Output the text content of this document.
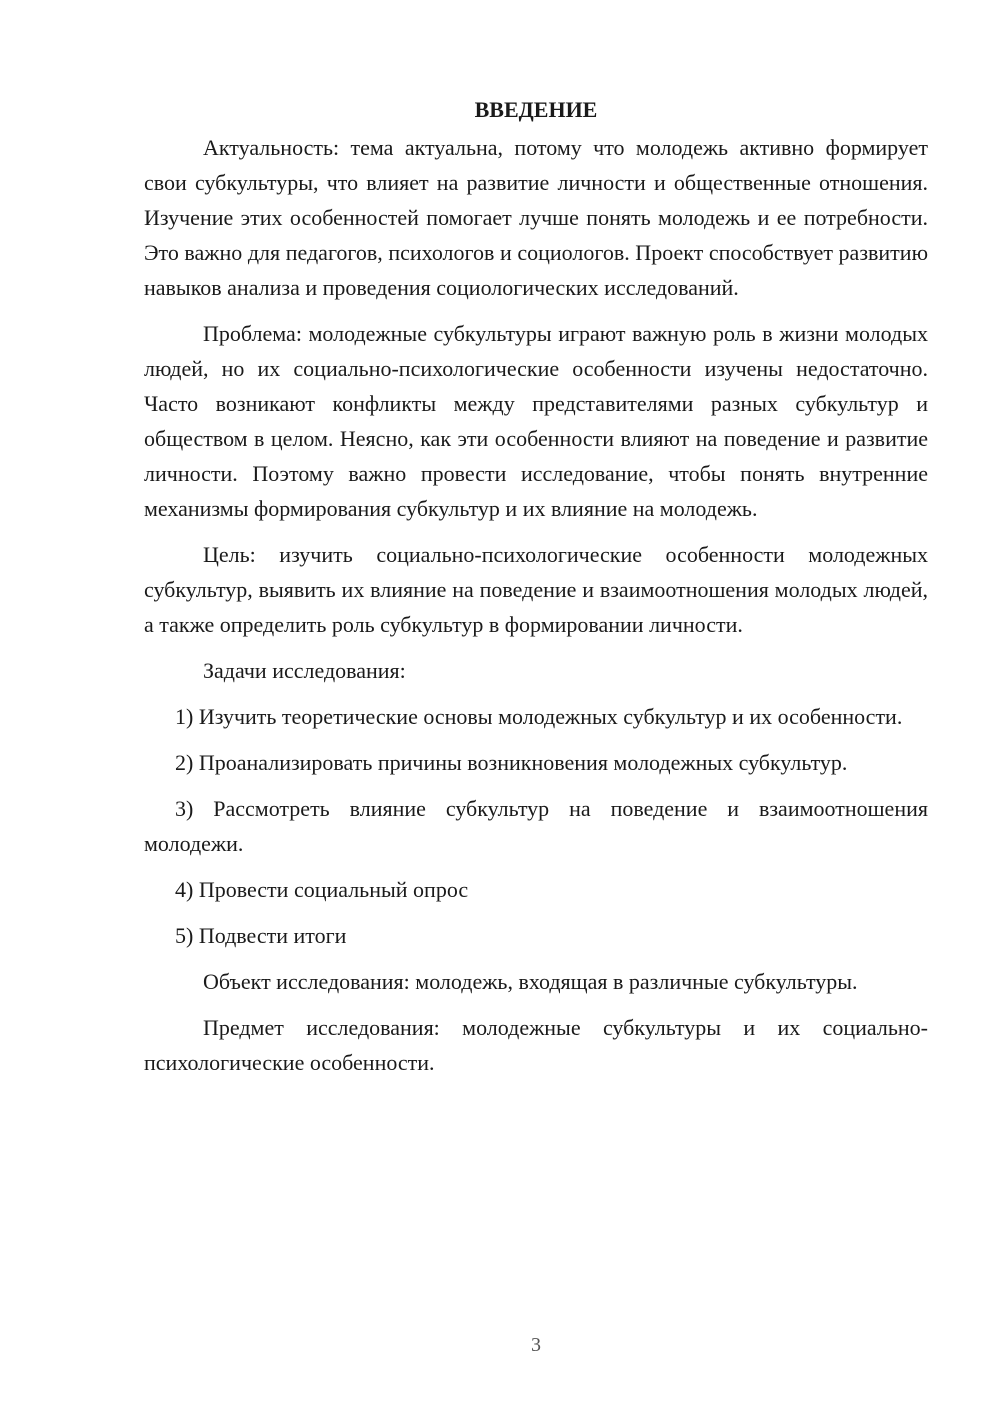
ВВЕДЕНИЕ

Актуальность: тема актуальна, потому что молодежь активно формирует свои субкультуры, что влияет на развитие личности и общественные отношения. Изучение этих особенностей помогает лучше понять молодежь и ее потребности. Это важно для педагогов, психологов и социологов. Проект способствует развитию навыков анализа и проведения социологических исследований.

Проблема: молодежные субкультуры играют важную роль в жизни молодых людей, но их социально-психологические особенности изучены недостаточно. Часто возникают конфликты между представителями разных субкультур и обществом в целом. Неясно, как эти особенности влияют на поведение и развитие личности. Поэтому важно провести исследование, чтобы понять внутренние механизмы формирования субкультур и их влияние на молодежь.

Цель: изучить социально-психологические особенности молодежных субкультур, выявить их влияние на поведение и взаимоотношения молодых людей, а также определить роль субкультур в формировании личности.

Задачи исследования:

1) Изучить теоретические основы молодежных субкультур и их особенности.

2) Проанализировать причины возникновения молодежных субкультур.

3) Рассмотреть влияние субкультур на поведение и взаимоотношения молодежи.

4) Провести социальный опрос

5) Подвести итоги

Объект исследования: молодежь, входящая в различные субкультуры.

Предмет исследования: молодежные субкультуры и их социально-психологические особенности.

3
